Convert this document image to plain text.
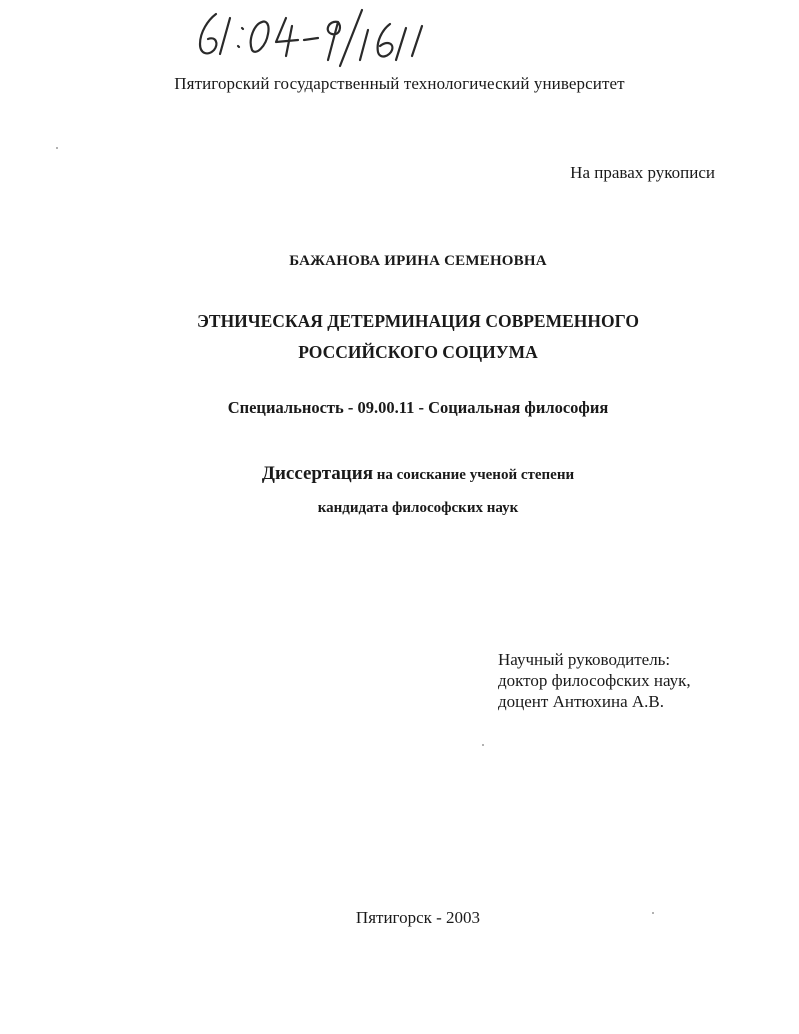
Пятигорский государственный технологический университет
На правах рукописи
БАЖАНОВА ИРИНА СЕМЕНОВНА
ЭТНИЧЕСКАЯ ДЕТЕРМИНАЦИЯ СОВРЕМЕННОГО
РОССИЙСКОГО СОЦИУМА
Специальность - 09.00.11 - Социальная философия
Диссертация на соискание ученой степени
кандидата философских наук
Научный руководитель:
доктор философских наук,
доцент Антюхина А.В.
Пятигорск - 2003
